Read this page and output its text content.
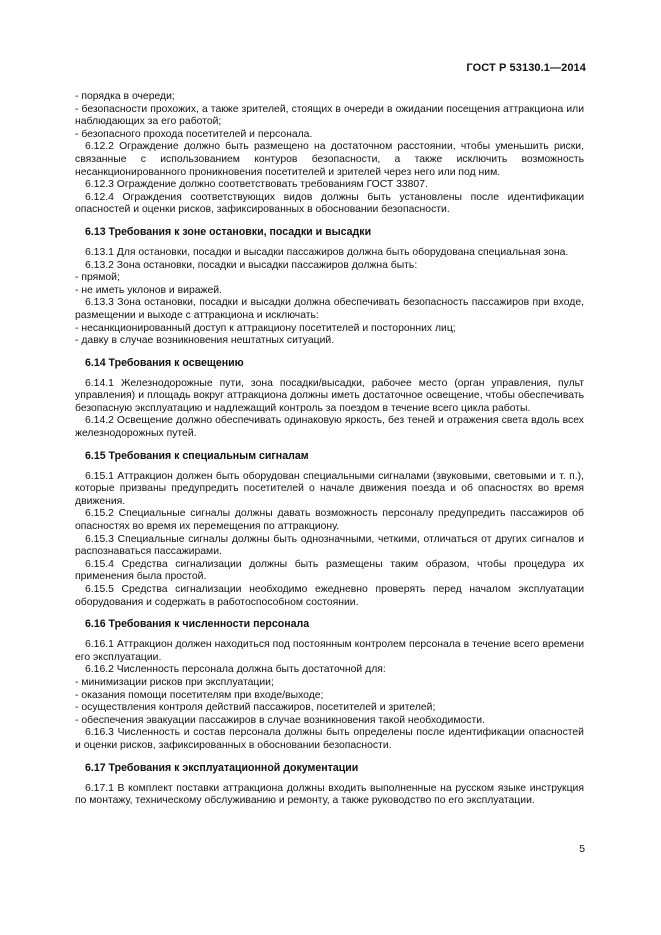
ГОСТ Р 53130.1—2014

- порядка в очереди;

- безопасности прохожих, а также зрителей, стоящих в очереди в ожидании посещения аттракциона или наблюдающих за его работой;

- безопасного прохода посетителей и персонала.

6.12.2 Ограждение должно быть размещено на достаточном расстоянии, чтобы уменьшить риски, связанные с использованием контуров безопасности, а также исключить возможность несанкционированного проникновения посетителей и зрителей через него или под ним.

6.12.3 Ограждение должно соответствовать требованиям ГОСТ 33807.

6.12.4 Ограждения соответствующих видов должны быть установлены после идентификации опасностей и оценки рисков, зафиксированных в обосновании безопасности.

6.13 Требования к зоне остановки, посадки и высадки

6.13.1 Для остановки, посадки и высадки пассажиров должна быть оборудована специальная зона.

6.13.2 Зона остановки, посадки и высадки пассажиров должна быть:

- прямой;

- не иметь уклонов и виражей.

6.13.3 Зона остановки, посадки и высадки должна обеспечивать безопасность пассажиров при входе, размещении и выходе с аттракциона и исключать:

- несанкционированный доступ к аттракциону посетителей и посторонних лиц;

- давку в случае возникновения нештатных ситуаций.

6.14 Требования к освещению

6.14.1 Железнодорожные пути, зона посадки/высадки, рабочее место (орган управления, пульт управления) и площадь вокруг аттракциона должны иметь достаточное освещение, чтобы обеспечивать безопасную эксплуатацию и надлежащий контроль за поездом в течение всего цикла работы.

6.14.2 Освещение должно обеспечивать одинаковую яркость, без теней и отражения света вдоль всех железнодорожных путей.

6.15 Требования к специальным сигналам

6.15.1 Аттракцион должен быть оборудован специальными сигналами (звуковыми, световыми и т. п.), которые призваны предупредить посетителей о начале движения поезда и об опасностях во время движения.

6.15.2 Специальные сигналы должны давать возможность персоналу предупредить пассажиров об опасностях во время их перемещения по аттракциону.

6.15.3 Специальные сигналы должны быть однозначными, четкими, отличаться от других сигналов и распознаваться пассажирами.

6.15.4 Средства сигнализации должны быть размещены таким образом, чтобы процедура их применения была простой.

6.15.5 Средства сигнализации необходимо ежедневно проверять перед началом эксплуатации оборудования и содержать в работоспособном состоянии.

6.16 Требования к численности персонала

6.16.1 Аттракцион должен находиться под постоянным контролем персонала в течение всего времени его эксплуатации.

6.16.2 Численность персонала должна быть достаточной для:

- минимизации рисков при эксплуатации;

- оказания помощи посетителям при входе/выходе;

- осуществления контроля действий пассажиров, посетителей и зрителей;

- обеспечения эвакуации пассажиров в случае возникновения такой необходимости.

6.16.3 Численность и состав персонала должны быть определены после идентификации опасностей и оценки рисков, зафиксированных в обосновании безопасности.

6.17 Требования к эксплуатационной документации

6.17.1 В комплект поставки аттракциона должны входить выполненные на русском языке инструкция по монтажу, техническому обслуживанию и ремонту, а также руководство по его эксплуатации.

5
